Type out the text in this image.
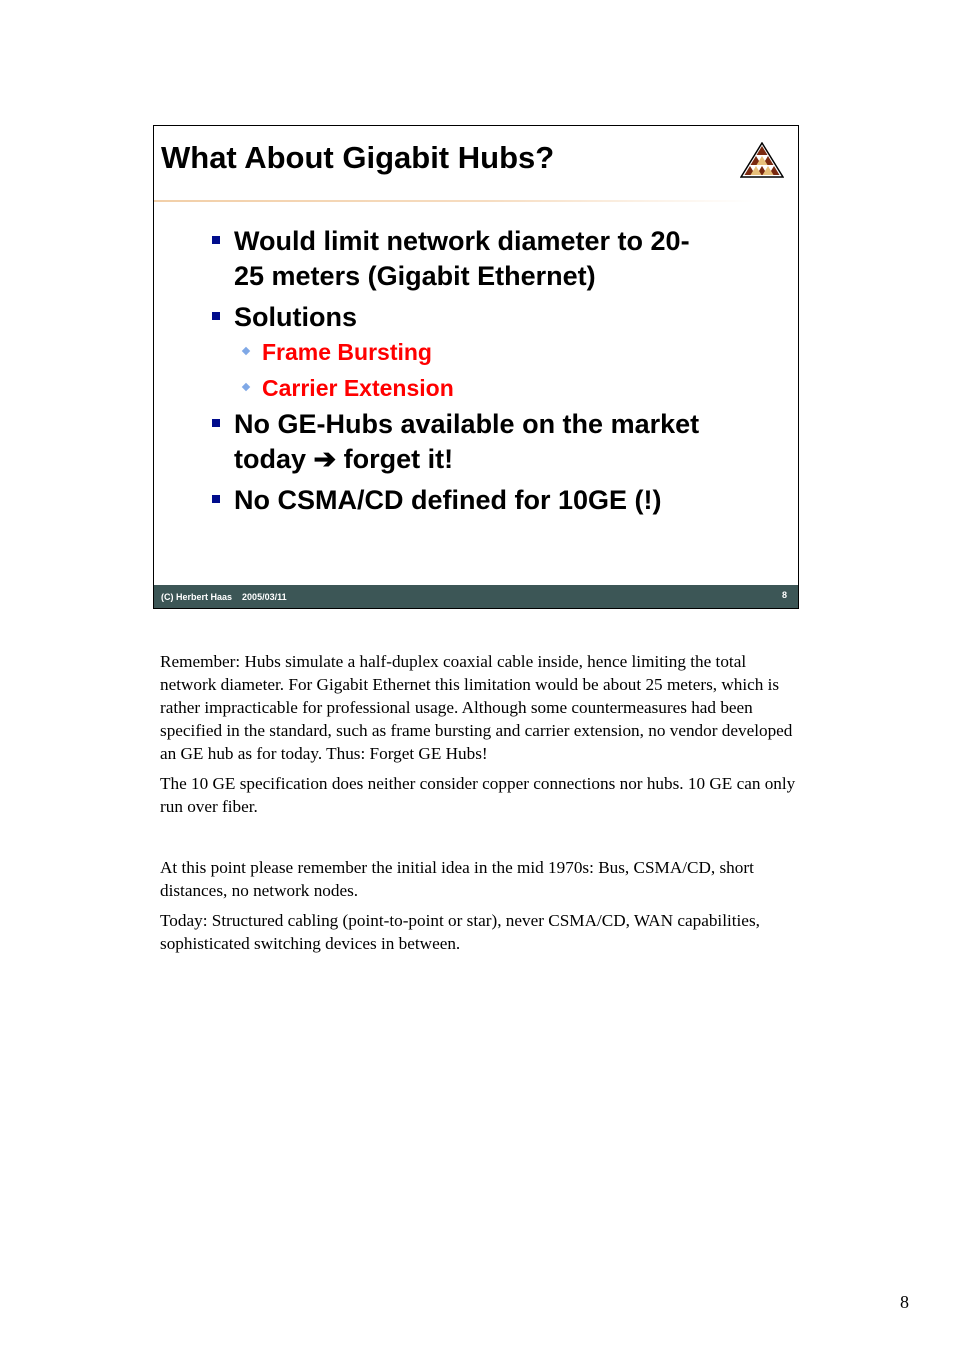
What About Gigabit Hubs?
Would limit network diameter to 20-
25 meters (Gigabit Ethernet)
Solutions
Frame Bursting
Carrier Extension
No GE-Hubs available on the market
today ➔ forget it!
No CSMA/CD defined for 10GE (!)
(C) Herbert Haas 2005/03/11	8

Remember: Hubs simulate a half-duplex coaxial cable inside, hence limiting the total network diameter. For Gigabit Ethernet this limitation would be about 25 meters, which is rather impracticable for professional usage. Although some countermeasures had been specified in the standard, such as frame bursting and carrier extension, no vendor developed an GE hub as for today. Thus: Forget GE Hubs!

The 10 GE specification does neither consider copper connections nor hubs. 10 GE can only run over fiber.

At this point please remember the initial idea in the mid 1970s: Bus, CSMA/CD, short distances, no network nodes.

Today: Structured cabling (point-to-point or star), never CSMA/CD, WAN capabilities, sophisticated switching devices in between.

8
